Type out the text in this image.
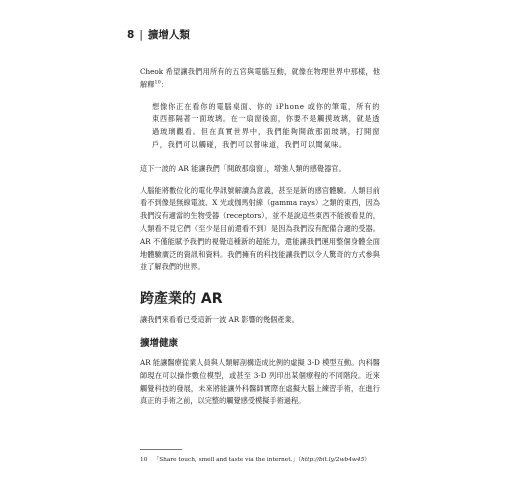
8 | 擴增人類

Cheok 希望讓我們用所有的五官與電腦互動，就像在物理世界中那樣，他解釋$^{10}$：

想像你正在看你的電腦桌面、你的 iPhone 或你的筆電，所有的東西都隔著一面玻璃。在一扇窗後面，你要不是觸摸玻璃，就是透過玻璃觀看。但在真實世界中，我們能夠開啟那面玻璃，打開窗戶，我們可以觸碰，我們可以嘗味道，我們可以聞氣味。

這下一波的 AR 能讓我們「開啟那扇窗」，增強人類的感覺器官。

人腦能將數位化的電化學訊號解讀為意義，甚至是新的感官體驗。人類目前看不到像是無線電波、X 光或伽馬射線（gamma rays）之類的東西，因為我們沒有適當的生物受器（receptors），並不是說這些東西不能被看見的，人類看不見它們（至少是目前還看不到）是因為我們沒有配備合適的受器。AR 不僅能賦予我們的視覺這種新的超能力，還能讓我們運用整個身體全面地體驗廣泛的資訊和資料。我們擁有的科技能讓我們以令人驚奇的方式參與並了解我們的世界。

跨產業的 AR

讓我們來看看已受這新一波 AR 影響的幾個產業。

擴增健康

AR 能讓醫療從業人員與人類解剖構造成比例的虛擬 3-D 模型互動。內科醫師現在可以操作數位模型，或甚至 3-D 列印出某個療程的不同階段。近來觸覺科技的發展，未來將能讓外科醫師實際在虛擬大腦上練習手術，在進行真正的手術之前，以完整的觸覺感受模擬手術過程。

10 「Share touch, smell and taste via the internet.」（http://bit.ly/2wb4w45）
